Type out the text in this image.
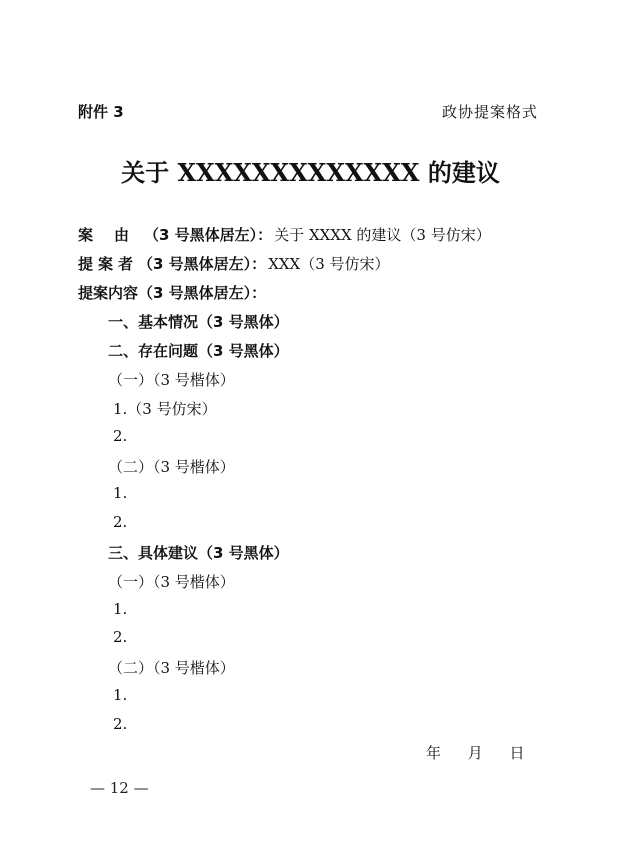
附件 3	政协提案格式
关于 XXXXXXXXXXXXX 的建议
案 由 （3 号黑体居左）： 关于 XXXX 的建议（3 号仿宋）
提案者 （3 号黑体居左）： XXX（3 号仿宋）
提案内容 （3 号黑体居左）：
一、基本情况（3 号黑体）
二、存在问题（3 号黑体）
（一）（3 号楷体）
1.（3 号仿宋）
2.
（二）（3 号楷体）
1.
2.
三、具体建议（3 号黑体）
（一）（3 号楷体）
1.
2.
（二）（3 号楷体）
1.
2.
年 月 日
— 12 —
